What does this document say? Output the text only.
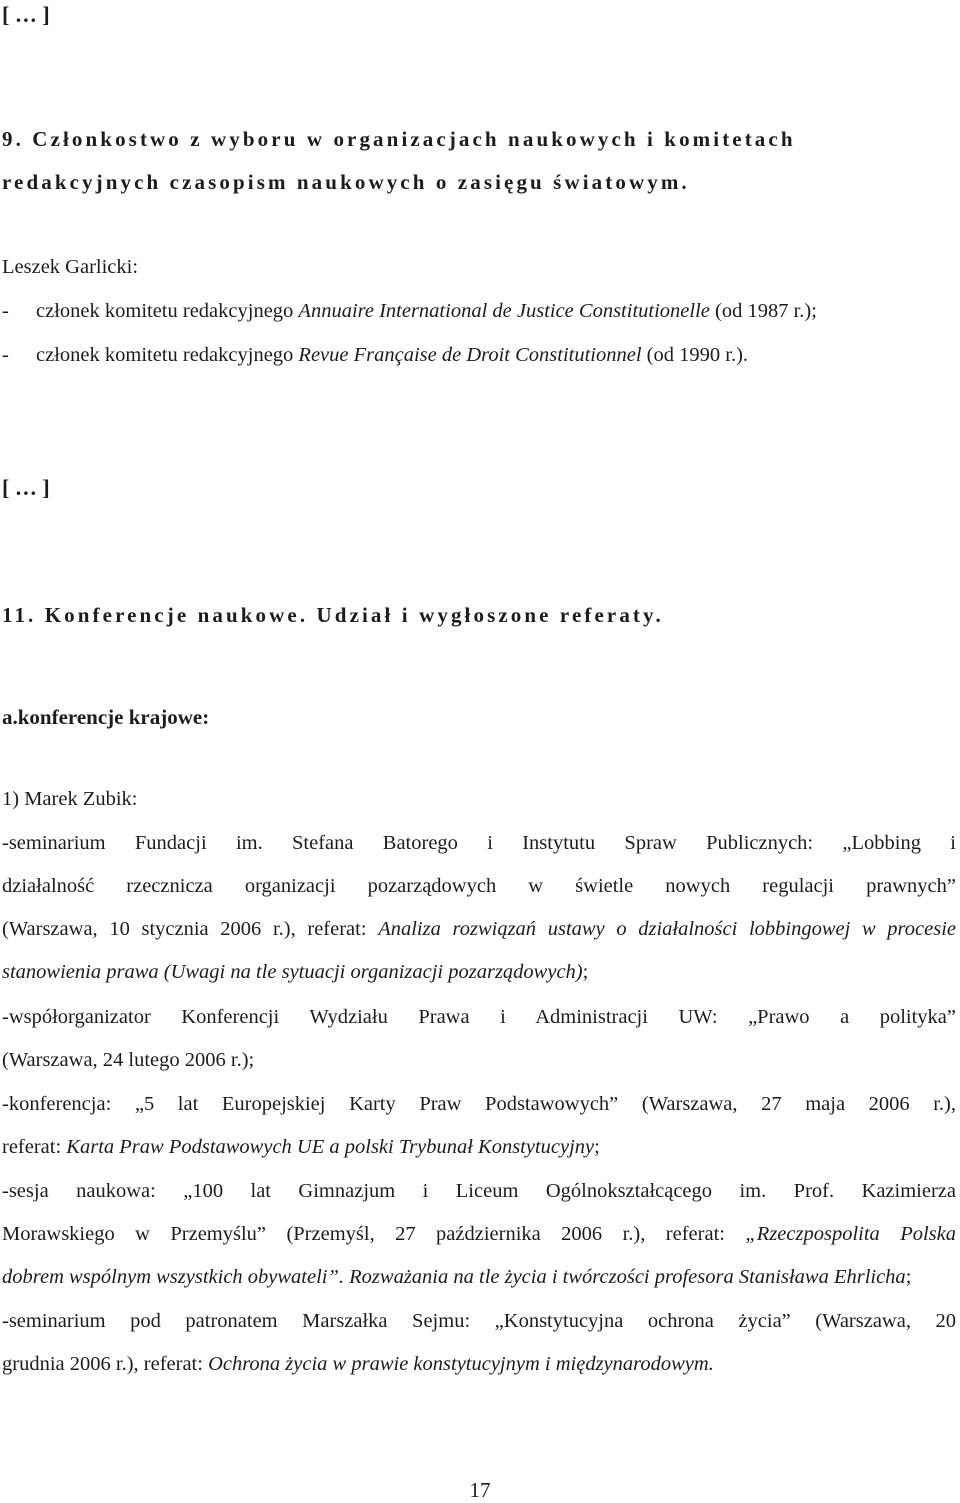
[ … ]
9. Członkostwo z wyboru w organizacjach naukowych i komitetach
redakcyjnych czasopism naukowych o zasięgu światowym.
Leszek Garlicki:
- członek komitetu redakcyjnego Annuaire International de Justice Constitutionelle (od 1987 r.);
- członek komitetu redakcyjnego Revue Française de Droit Constitutionnel (od 1990 r.).
[ … ]
11. Konferencje naukowe. Udział i wygłoszone referaty.
a.konferencje krajowe:
1) Marek Zubik:
-seminarium Fundacji im. Stefana Batorego i Instytutu Spraw Publicznych: „Lobbing i
działalność rzecznicza organizacji pozarządowych w świetle nowych regulacji prawnych”
(Warszawa, 10 stycznia 2006 r.), referat: Analiza rozwiązań ustawy o działalności lobbingowej w procesie
stanowienia prawa (Uwagi na tle sytuacji organizacji pozarządowych);
-współorganizator Konferencji Wydziału Prawa i Administracji UW: „Prawo a polityka”
(Warszawa, 24 lutego 2006 r.);
-konferencja: „5 lat Europejskiej Karty Praw Podstawowych” (Warszawa, 27 maja 2006 r.),
referat: Karta Praw Podstawowych UE a polski Trybunał Konstytucyjny;
-sesja naukowa: „100 lat Gimnazjum i Liceum Ogólnokształcącego im. Prof. Kazimierza
Morawskiego w Przemyślu” (Przemyśl, 27 października 2006 r.), referat: „Rzeczpospolita Polska
dobrem wspólnym wszystkich obywateli”. Rozważania na tle życia i twórczości profesora Stanisława Ehrlicha;
-seminarium pod patronatem Marszałka Sejmu: „Konstytucyjna ochrona życia” (Warszawa, 20
grudnia 2006 r.), referat: Ochrona życia w prawie konstytucyjnym i międzynarodowym.
17
